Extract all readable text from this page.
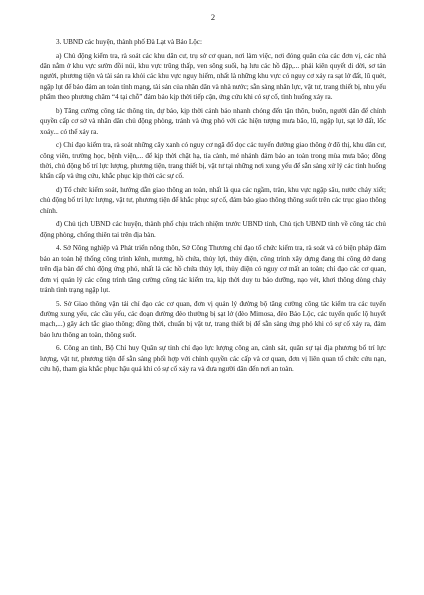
2

3. UBND các huyện, thành phố Đà Lạt và Bảo Lộc:

a) Chủ động kiểm tra, rà soát các khu dân cư, trụ sở cơ quan, nơi làm việc, nơi đóng quân của các đơn vị, các nhà dân nằm ở khu vực sườn đồi núi, khu vực trũng thấp, ven sông suối, hạ lưu các hồ đập,... phải kiên quyết di dời, sơ tán người, phương tiện và tài sản ra khỏi các khu vực nguy hiểm, nhất là những khu vực có nguy cơ xảy ra sạt lở đất, lũ quét, ngập lụt để bảo đảm an toàn tính mạng, tài sản của nhân dân và nhà nước; sẵn sàng nhân lực, vật tư, trang thiết bị, nhu yếu phẩm theo phương châm “4 tại chỗ” đảm bảo kịp thời tiếp cận, ứng cứu khi có sự cố, tình huống xảy ra.

b) Tăng cường công tác thông tin, dự báo, kịp thời cảnh báo nhanh chóng đến tận thôn, buôn, người dân để chính quyền cấp cơ sở và nhân dân chủ động phòng, tránh và ứng phó với các hiện tượng mưa bão, lũ, ngập lụt, sạt lở đất, lốc xoáy... có thể xảy ra.

c) Chỉ đạo kiểm tra, rà soát những cây xanh có nguy cơ ngã đổ dọc các tuyến đường giao thông ở đô thị, khu dân cư, công viên, trường học, bệnh viện,... để kịp thời chặt hạ, tỉa cành, mé nhánh đảm bảo an toàn trong mùa mưa bão; đồng thời, chủ động bố trí lực lượng, phương tiện, trang thiết bị, vật tư tại những nơi xung yếu để sẵn sàng xử lý các tình huống khẩn cấp và ứng cứu, khắc phục kịp thời các sự cố.

d) Tổ chức kiểm soát, hướng dẫn giao thông an toàn, nhất là qua các ngầm, tràn, khu vực ngập sâu, nước chảy xiết; chủ động bố trí lực lượng, vật tư, phương tiện để khắc phục sự cố, đảm bảo giao thông thông suốt trên các trục giao thông chính.

đ) Chủ tịch UBND các huyện, thành phố chịu trách nhiệm trước UBND tỉnh, Chủ tịch UBND tỉnh về công tác chủ động phòng, chống thiên tai trên địa bàn.

4. Sở Nông nghiệp và Phát triển nông thôn, Sở Công Thương chỉ đạo tổ chức kiểm tra, rà soát và có biện pháp đảm bảo an toàn hệ thống công trình kênh, mương, hồ chứa, thủy lợi, thủy điện, công trình xây dựng đang thi công dở dang trên địa bàn để chủ động ứng phó, nhất là các hồ chứa thủy lợi, thủy điện có nguy cơ mất an toàn; chỉ đạo các cơ quan, đơn vị quản lý các công trình tăng cường công tác kiểm tra, kịp thời duy tu bảo dưỡng, nạo vét, khơi thông dòng chảy tránh tình trạng ngập lụt.

5. Sở Giao thông vận tải chỉ đạo các cơ quan, đơn vị quản lý đường bộ tăng cường công tác kiểm tra các tuyến đường xung yếu, các cầu yếu, các đoạn đường đèo thường bị sạt lở (đèo Mimosa, đèo Bảo Lộc, các tuyến quốc lộ huyết mạch,...) gây ách tắc giao thông; đồng thời, chuẩn bị vật tư, trang thiết bị để sẵn sàng ứng phó khi có sự cố xảy ra, đảm bảo lưu thông an toàn, thông suốt.

6. Công an tỉnh, Bộ Chỉ huy Quân sự tỉnh chỉ đạo lực lượng công an, cảnh sát, quân sự tại địa phương bố trí lực lượng, vật tư, phương tiện để sẵn sàng phối hợp với chính quyền các cấp và cơ quan, đơn vị liên quan tổ chức cứu nạn, cứu hộ, tham gia khắc phục hậu quả khi có sự cố xảy ra và đưa người dân đến nơi an toàn.
